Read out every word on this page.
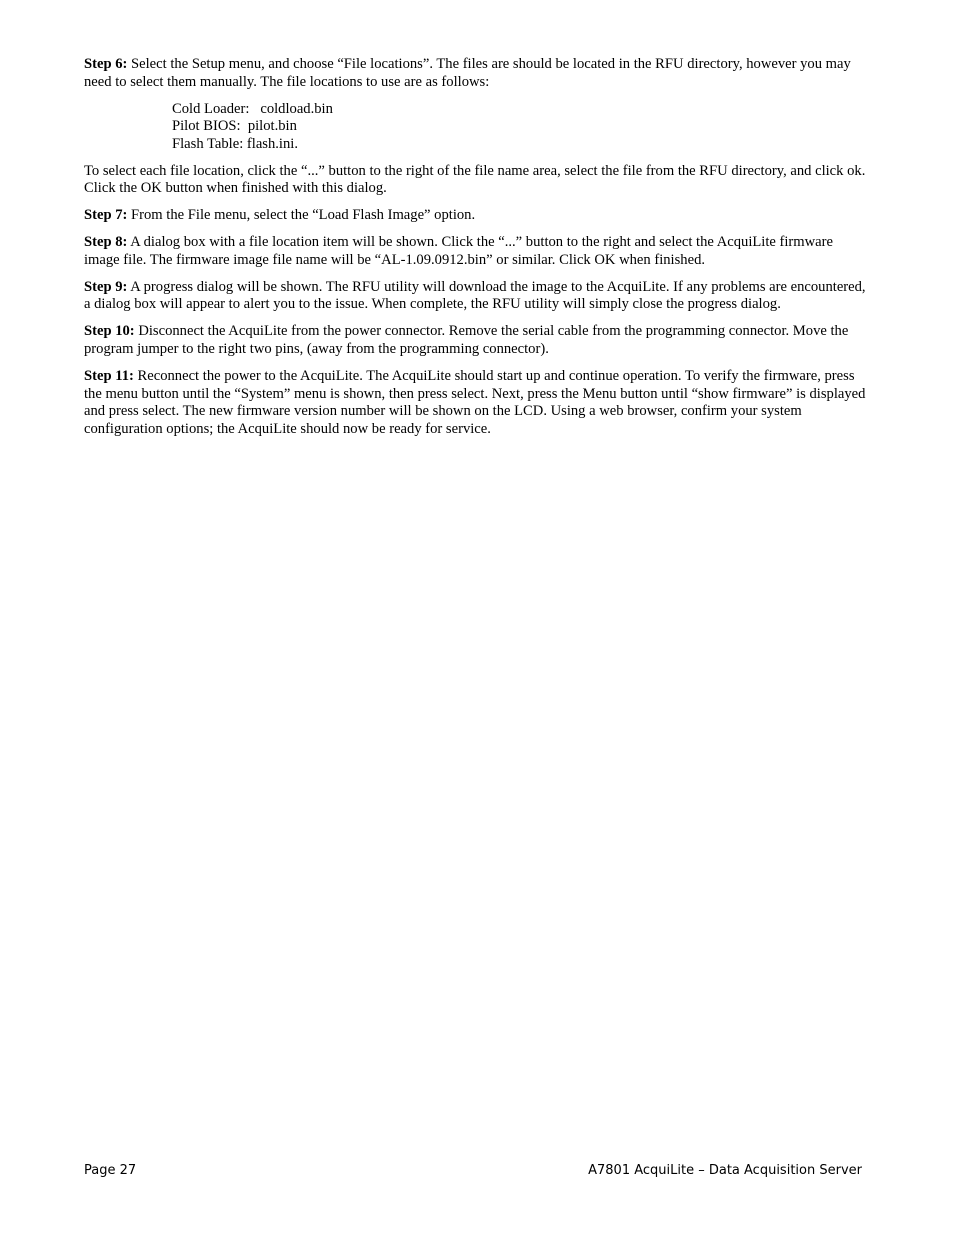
Step 6: Select the Setup menu, and choose “File locations”. The files are should be located in the RFU directory, however you may need to select them manually. The file locations to use are as follows:

Cold Loader:   coldload.bin
Pilot BIOS:  pilot.bin
Flash Table: flash.ini.

To select each file location, click the “...” button to the right of the file name area, select the file from the RFU directory, and click ok. Click the OK button when finished with this dialog.

Step 7: From the File menu, select the “Load Flash Image” option.

Step 8: A dialog box with a file location item will be shown. Click the “...” button to the right and select the AcquiLite firmware image file. The firmware image file name will be “AL-1.09.0912.bin” or similar. Click OK when finished.

Step 9: A progress dialog will be shown. The RFU utility will download the image to the AcquiLite. If any problems are encountered, a dialog box will appear to alert you to the issue. When complete, the RFU utility will simply close the progress dialog.

Step 10: Disconnect the AcquiLite from the power connector. Remove the serial cable from the programming connector. Move the program jumper to the right two pins, (away from the programming connector).

Step 11: Reconnect the power to the AcquiLite. The AcquiLite should start up and continue operation. To verify the firmware, press the menu button until the “System” menu is shown, then press select. Next, press the Menu button until “show firmware” is displayed and press select. The new firmware version number will be shown on the LCD. Using a web browser, confirm your system configuration options; the AcquiLite should now be ready for service.

Page 27	A7801 AcquiLite – Data Acquisition Server
